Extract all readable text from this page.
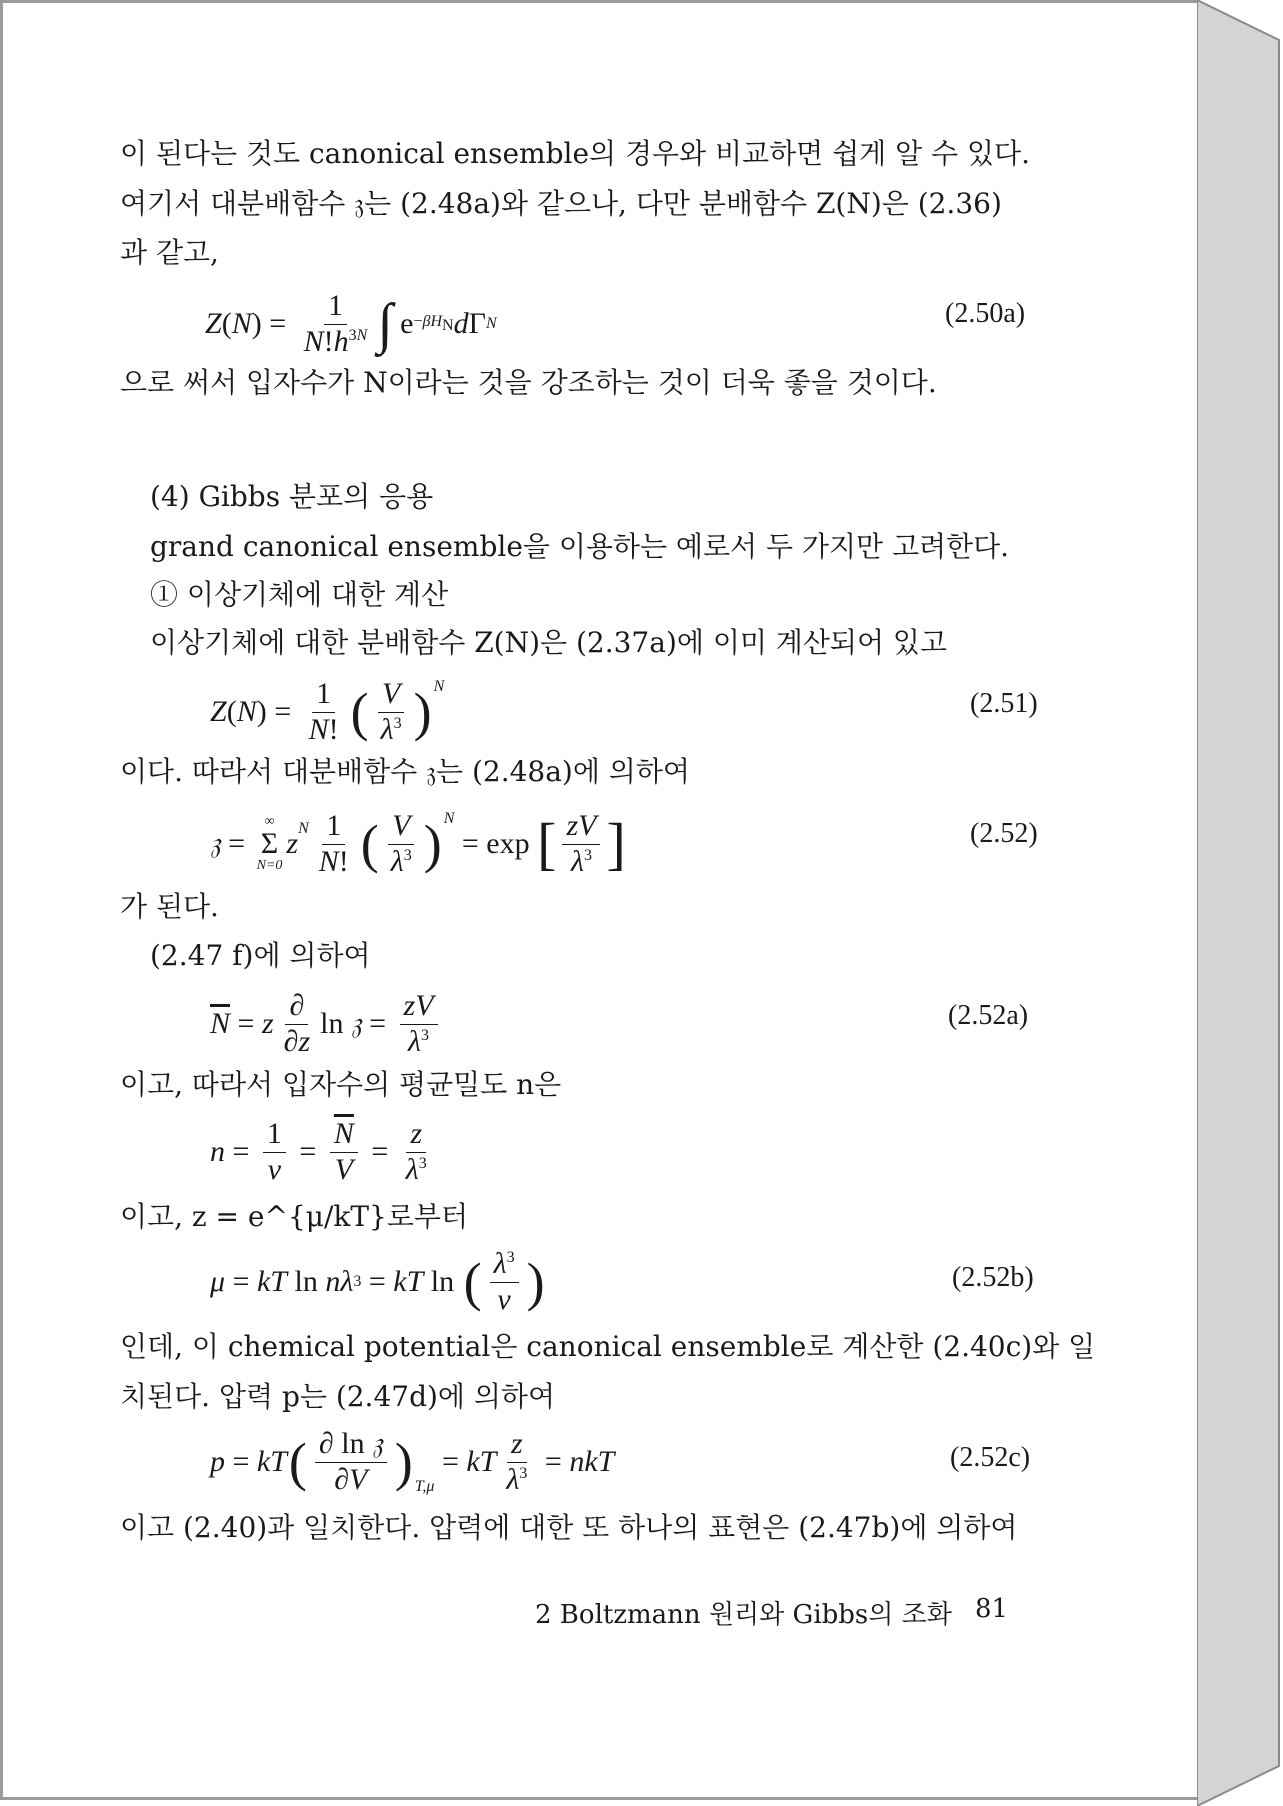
이 된다는 것도 canonical ensemble의 경우와 비교하면 쉽게 알 수 있다.
여기서 대분배함수 𝔷는 (2.48a)와 같으나, 다만 분배함수 Z(N)은 (2.36)
과 같고,
Z ( N ) = $\frac{1}{N!h^{3N}}$ ∫ $e -\beta H_N$ d Γ N	(2.50a)
으로 써서 입자수가 N이라는 것을 강조하는 것이 더욱 좋을 것이다.
(4) Gibbs 분포의 응용
grand canonical ensemble을 이용하는 예로서 두 가지만 고려한다.
① 이상기체에 대한 계산
이상기체에 대한 분배함수 Z(N)은 (2.37a)에 이미 계산되어 있고
Z ( N ) = $\frac{1}{N!}$ ( $\frac{V}{\lambda^3} )^N$
(2.51)
이다. 따라서 대분배함수 𝔷는 (2.48a)에 의하여
𝔷 =
∞
Σ
N=0
$z^N \frac{1}{N!}$ ( $\frac{V}{\lambda^3} )^N$
= exp [ $\frac{zV}{\lambda^3}$ ]	(2.52)
가 된다.
(2.47 f)에 의하여
$\overline{N} = z \frac{\partial}{\partial z}$ ln 𝔷 = $\frac{zV}{\lambda^3}$	(2.52a)
이고, 따라서 입자수의 평균밀도 n은
$n = \frac{1}{v} = \frac{\overline{N}}{V} = \frac{z}{\lambda^3}$
이고, z = e^{μ/kT}로부터
μ = kT ln nλ 3 = kT ln ( $\frac{\lambda^3}{v}$ )	(2.52b)
인데, 이 chemical potential은 canonical ensemble로 계산한 (2.40c)와 일
치된다. 압력 p는 (2.47d)에 의하여
p = kT ( $\frac{\text{∂ ln 𝔷}}{\partial V} )_{T,\mu}$
= kT $\frac{z}{\lambda^3}$ = nkT	(2.52c)
이고 (2.40)과 일치한다. 압력에 대한 또 하나의 표현은 (2.47b)에 의하여
2 Boltzmann 원리와 Gibbs의 조화 81
